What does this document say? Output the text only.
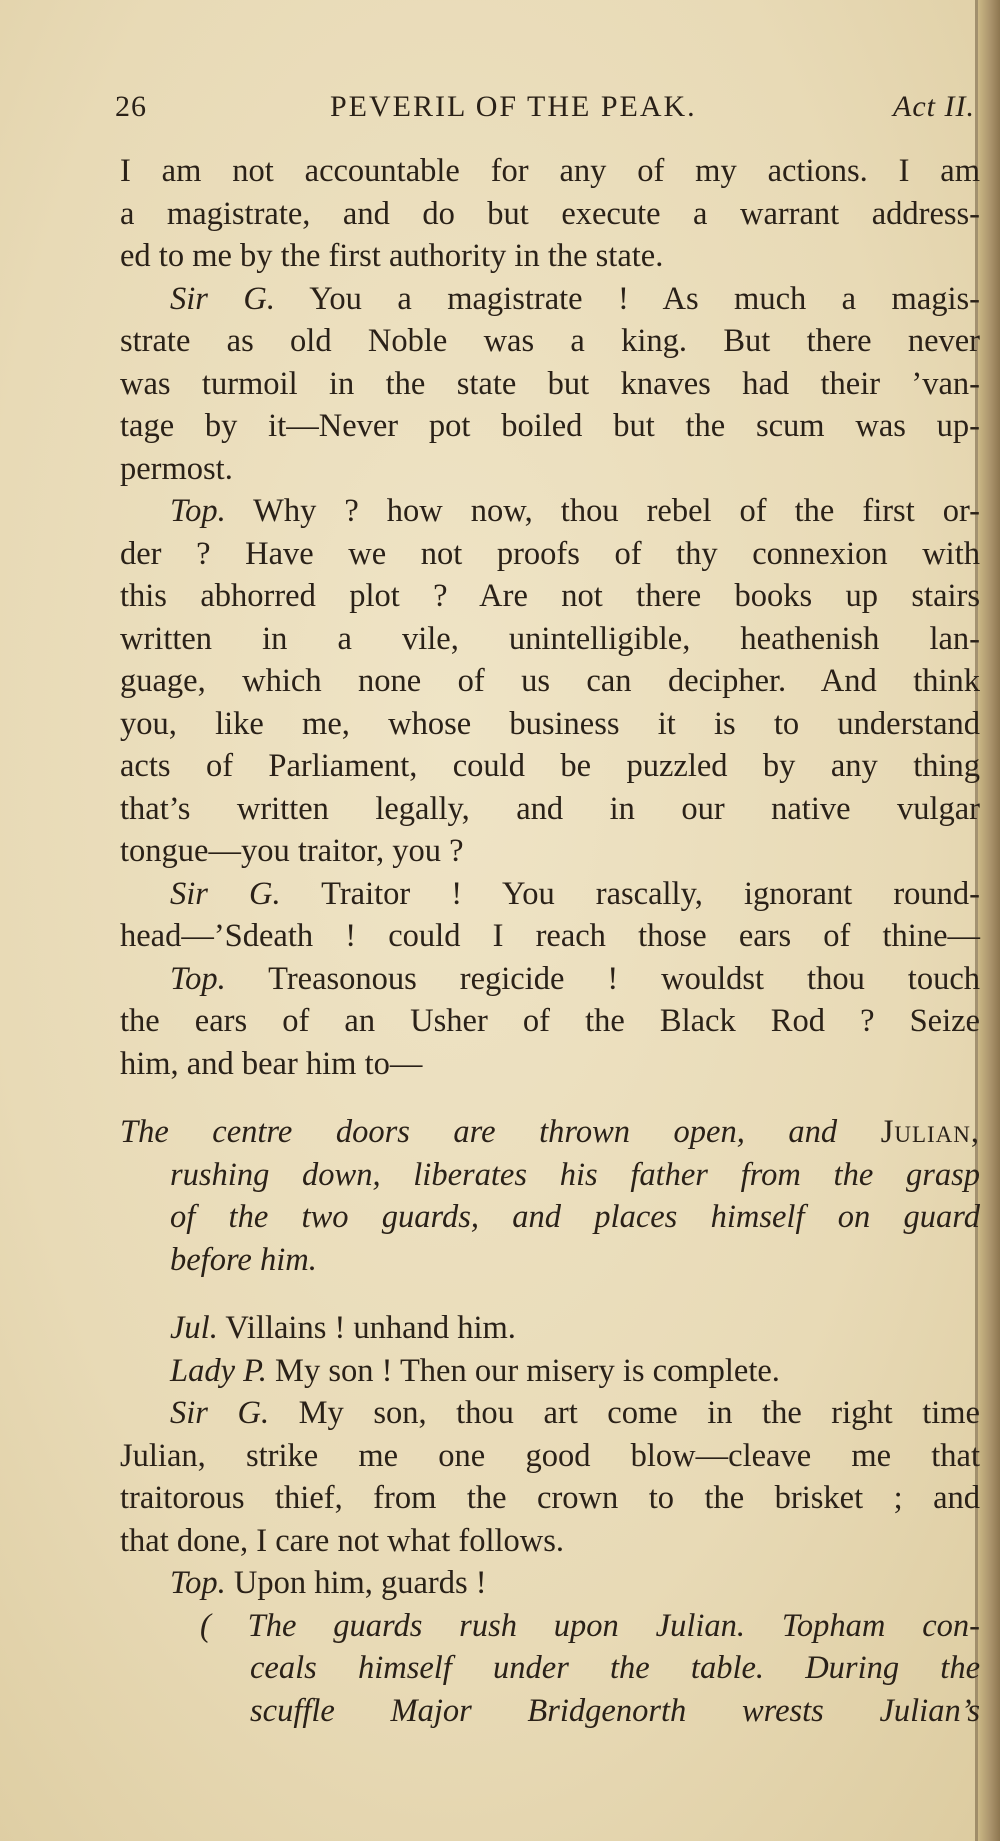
26	PEVERIL OF THE PEAK.	Act II.
I am not accountable for any of my actions. I am
a magistrate, and do but execute a warrant address-
ed to me by the first authority in the state.
Sir G. You a magistrate ! As much a magis-
strate as old Noble was a king. But there never
was turmoil in the state but knaves had their ’van-
tage by it—Never pot boiled but the scum was up-
permost.
Top. Why ? how now, thou rebel of the first or-
der ? Have we not proofs of thy connexion with
this abhorred plot ? Are not there books up stairs
written in a vile, unintelligible, heathenish lan-
guage, which none of us can decipher. And think
you, like me, whose business it is to understand
acts of Parliament, could be puzzled by any thing
that’s written legally, and in our native vulgar
tongue—you traitor, you ?
Sir G. Traitor ! You rascally, ignorant round-
head—’Sdeath ! could I reach those ears of thine—
Top. Treasonous regicide ! wouldst thou touch
the ears of an Usher of the Black Rod ? Seize
him, and bear him to—
The centre doors are thrown open, and Julian,
rushing down, liberates his father from the grasp
of the two guards, and places himself on guard
before him.
Jul. Villains ! unhand him.
Lady P. My son ! Then our misery is complete.
Sir G. My son, thou art come in the right time
Julian, strike me one good blow—cleave me that
traitorous thief, from the crown to the brisket ; and
that done, I care not what follows.
Top. Upon him, guards !
( The guards rush upon Julian. Topham con-
ceals himself under the table. During the
scuffle Major Bridgenorth wrests Julian’s
